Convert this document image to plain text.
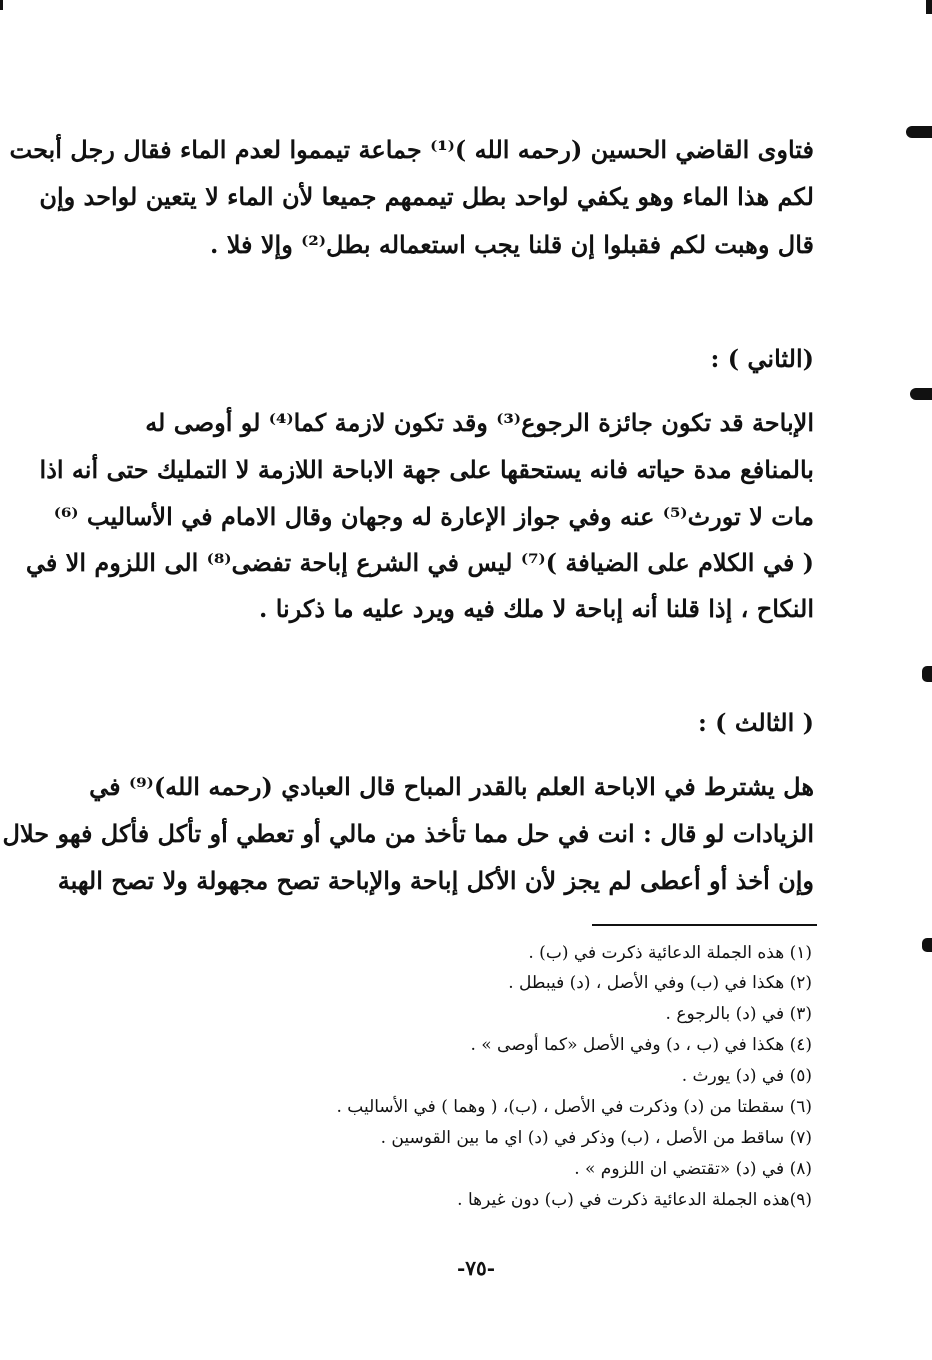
فتاوى القاضي الحسين (رحمه الله )⁽¹⁾ جماعة تيمموا لعدم الماء فقال رجل أبحت
لكم هذا الماء وهو يكفي لواحد بطل تيممهم جميعا لأن الماء لا يتعين لواحد وإن
قال وهبت لكم فقبلوا إن قلنا يجب استعماله بطل⁽²⁾ وإلا فلا .
(الثاني ) :
الإباحة قد تكون جائزة الرجوع⁽³⁾ وقد تكون لازمة كما⁽⁴⁾ لو أوصى له
بالمنافع مدة حياته فانه يستحقها على جهة الاباحة اللازمة لا التمليك حتى أنه اذا
مات لا تورث⁽⁵⁾ عنه وفي جواز الإعارة له وجهان وقال الامام في الأساليب ⁽⁶⁾
( في الكلام على الضيافة )⁽⁷⁾ ليس في الشرع إباحة تفضى⁽⁸⁾ الى اللزوم الا في
النكاح ، إذا قلنا أنه إباحة لا ملك فيه ويرد عليه ما ذكرنا .
( الثالث ) :
هل يشترط في الاباحة العلم بالقدر المباح قال العبادي (رحمه الله)⁽⁹⁾ في
الزيادات لو قال : انت في حل مما تأخذ من مالي أو تعطي أو تأكل فأكل فهو حلال
وإن أخذ أو أعطى لم يجز لأن الأكل إباحة والإباحة تصح مجهولة ولا تصح الهبة
(١) هذه الجملة الدعائية ذكرت في (ب) .
(٢) هكذا في (ب) وفي الأصل ، (د) فيبطل .
(٣) في (د) بالرجوع .
(٤) هكذا في (ب ، د) وفي الأصل «كما أوصى » .
(٥) في (د) يورث .
(٦) سقطتا من (د) وذكرت في الأصل ، (ب)، ( وهما ) في الأساليب .
(٧) ساقط من الأصل ، (ب) وذكر في (د) اي ما بين القوسين .
(٨) في (د) «تقتضي ان اللزوم » .
(٩)هذه الجملة الدعائية ذكرت في (ب) دون غيرها .
-٧٥-
